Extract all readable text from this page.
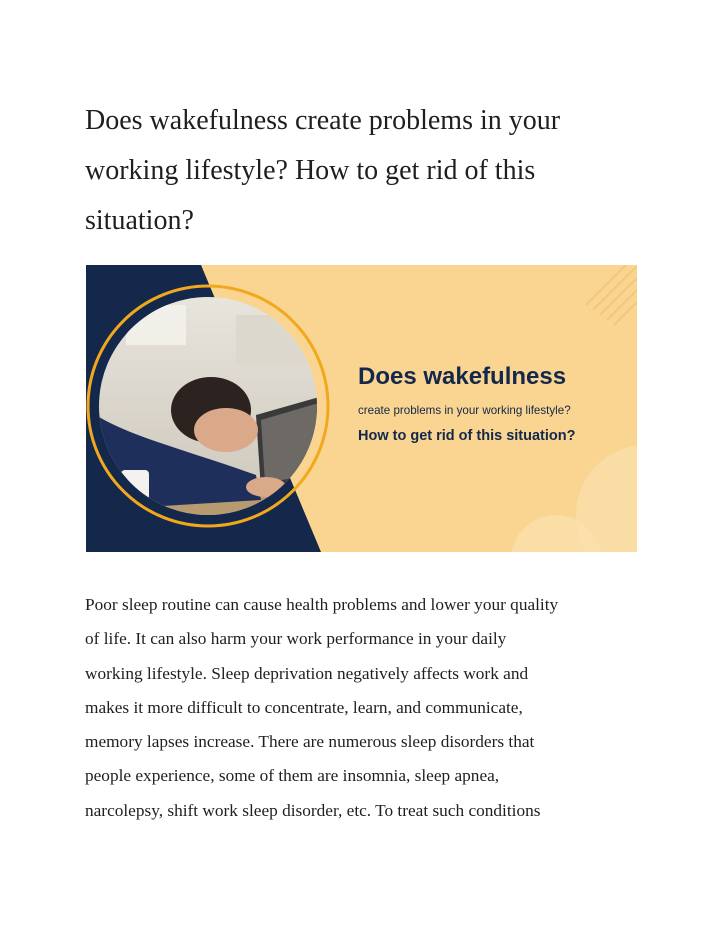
Does wakefulness create problems in your
working lifestyle? How to get rid of this
situation?
Does wakefulness
create problems in your working lifestyle?
How to get rid of this situation?

Poor sleep routine can cause health problems and lower your quality
of life. It can also harm your work performance in your daily
working lifestyle. Sleep deprivation negatively affects work and
makes it more difficult to concentrate, learn, and communicate,
memory lapses increase. There are numerous sleep disorders that
people experience, some of them are insomnia, sleep apnea,
narcolepsy, shift work sleep disorder, etc. To treat such conditions
